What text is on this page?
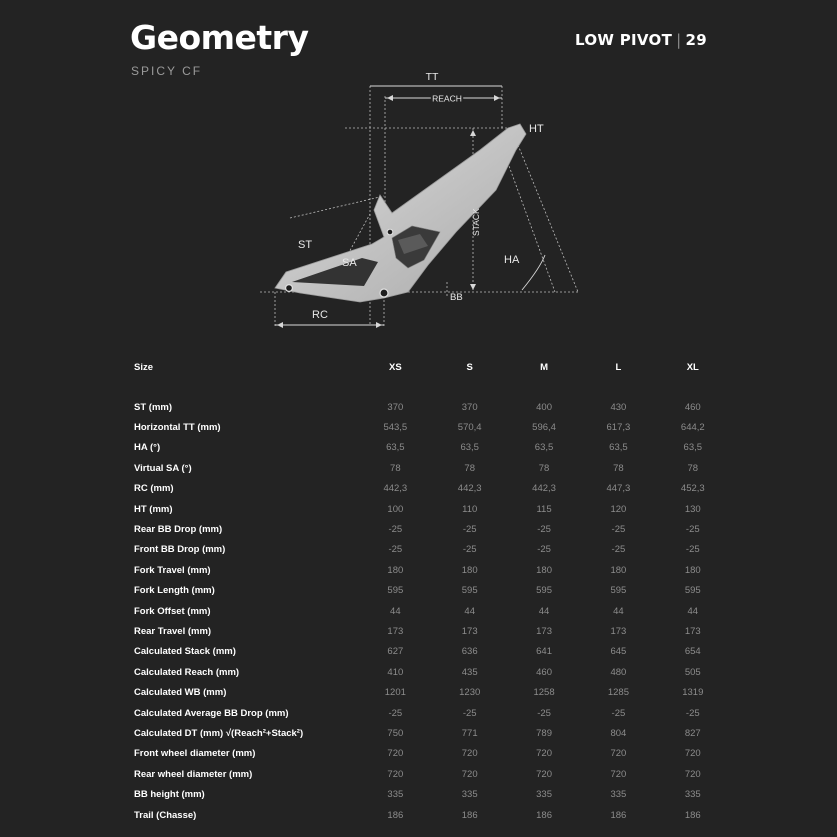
Geometry
SPICY CF
LOW PIVOT | 29
TT
REACH
HT
ST
SA
STACK
HA
BB
RC
Size	XS	S	M	L	XL

ST (mm)	370	370	400	430	460
Horizontal TT (mm)	543,5	570,4	596,4	617,3	644,2
HA (°)	63,5	63,5	63,5	63,5	63,5
Virtual SA (°)	78	78	78	78	78
RC (mm)	442,3	442,3	442,3	447,3	452,3
HT (mm)	100	110	115	120	130
Rear BB Drop (mm)	-25	-25	-25	-25	-25
Front BB Drop (mm)	-25	-25	-25	-25	-25
Fork Travel (mm)	180	180	180	180	180
Fork Length (mm)	595	595	595	595	595
Fork Offset (mm)	44	44	44	44	44
Rear Travel (mm)	173	173	173	173	173
Calculated Stack (mm)	627	636	641	645	654
Calculated Reach (mm)	410	435	460	480	505
Calculated WB (mm)	1201	1230	1258	1285	1319
Calculated Average BB Drop (mm)	-25	-25	-25	-25	-25
Calculated DT (mm) √(Reach²+Stack²)	750	771	789	804	827
Front wheel diameter (mm)	720	720	720	720	720
Rear wheel diameter (mm)	720	720	720	720	720
BB height (mm)	335	335	335	335	335
Trail (Chasse)	186	186	186	186	186
